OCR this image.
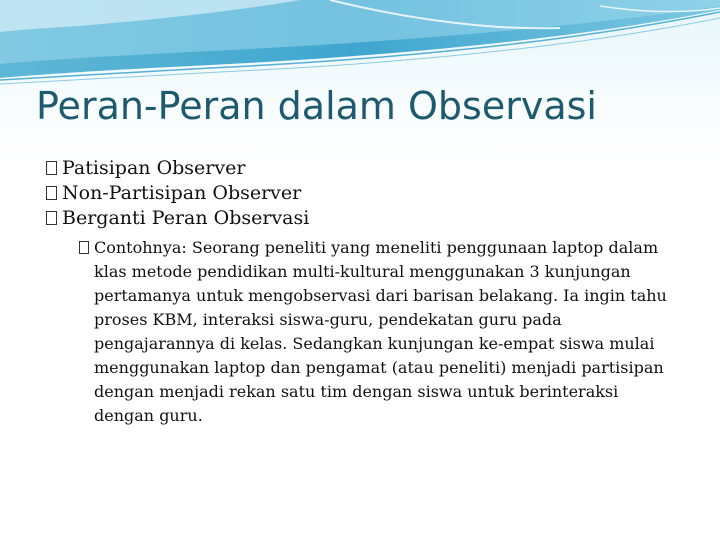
Peran-Peran dalam Observasi
Patisipan Observer
Non-Partisipan Observer
Berganti Peran Observasi
Contohnya: Seorang peneliti yang meneliti penggunaan laptop dalam klas metode pendidikan multi-kultural menggunakan 3 kunjungan pertamanya untuk mengobservasi dari barisan belakang. Ia ingin tahu proses KBM, interaksi siswa-guru, pendekatan guru pada pengajarannya di kelas. Sedangkan kunjungan ke-empat siswa mulai menggunakan laptop dan pengamat (atau peneliti) menjadi partisipan dengan menjadi rekan satu tim dengan siswa untuk berinteraksi dengan guru.
